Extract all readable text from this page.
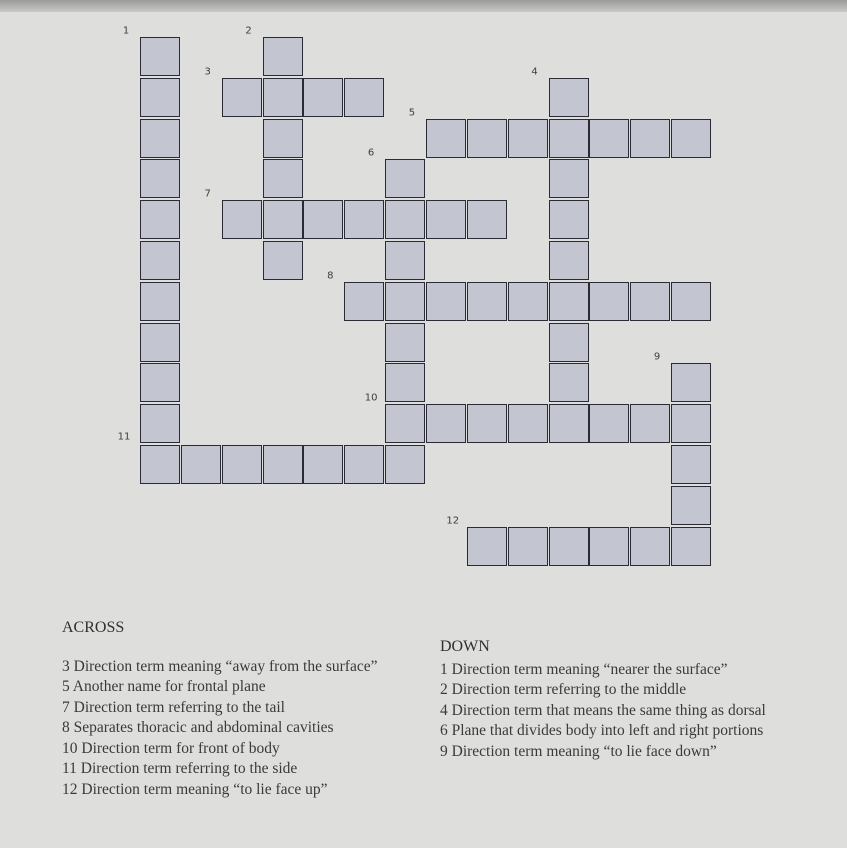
1	2
3	4
5
6
7
8
9
10
11
12
ACROSS
3 Direction term meaning “away from the surface”
5 Another name for frontal plane
7 Direction term referring to the tail
8 Separates thoracic and abdominal cavities
10 Direction term for front of body
11 Direction term referring to the side
12 Direction term meaning “to lie face up”
DOWN
1 Direction term meaning “nearer the surface”
2 Direction term referring to the middle
4 Direction term that means the same thing as dorsal
6 Plane that divides body into left and right portions
9 Direction term meaning “to lie face down”
